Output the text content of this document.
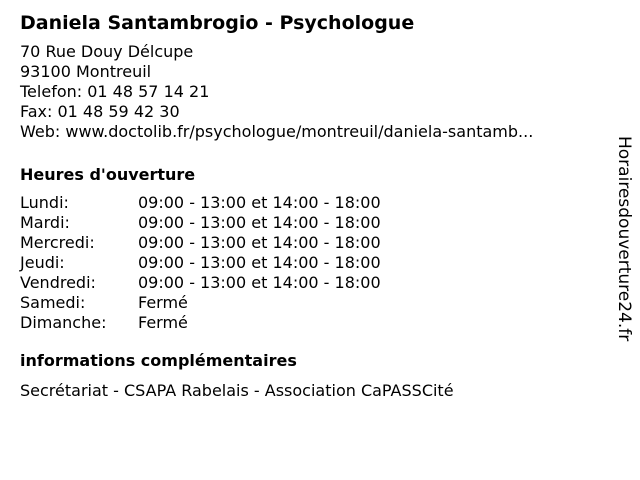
Daniela Santambrogio - Psychologue
70 Rue Douy Délcupe
93100 Montreuil
Telefon: 01 48 57 14 21
Fax: 01 48 59 42 30
Web: www.doctolib.fr/psychologue/montreuil/daniela-santamb...
Heures d'ouverture
Lundi:	09:00 - 13:00 et 14:00 - 18:00
Mardi:	09:00 - 13:00 et 14:00 - 18:00
Mercredi:	09:00 - 13:00 et 14:00 - 18:00
Jeudi:	09:00 - 13:00 et 14:00 - 18:00
Vendredi:	09:00 - 13:00 et 14:00 - 18:00
Samedi:	Fermé
Dimanche: Fermé
informations complémentaires
Secrétariat - CSAPA Rabelais - Association CaPASSCité
Horairesdouverture24.fr
